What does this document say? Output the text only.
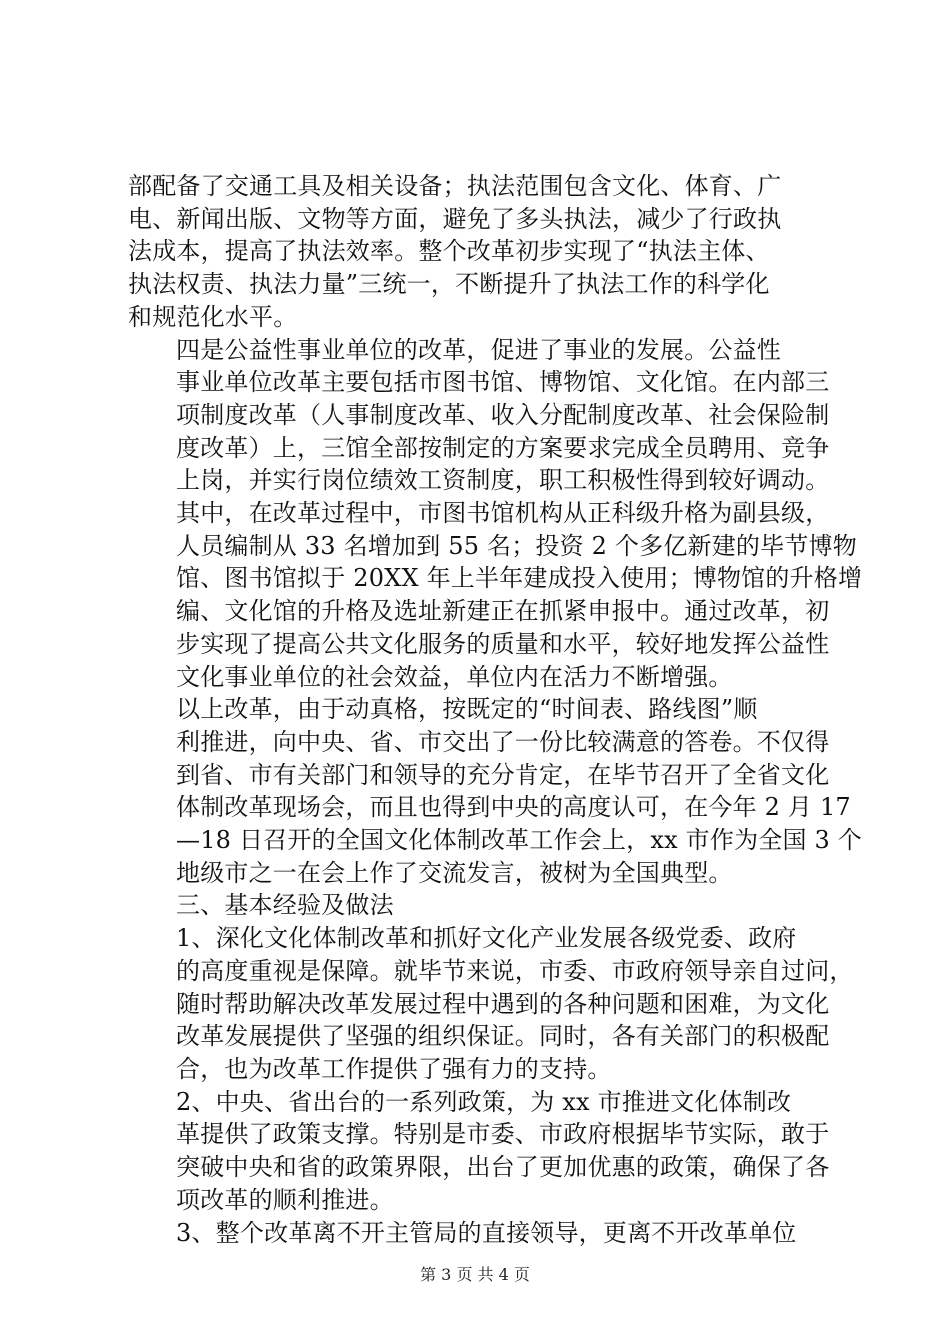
部配备了交通工具及相关设备；执法范围包含文化、体育、广
电、新闻出版、文物等方面，避免了多头执法，减少了行政执
法成本，提高了执法效率。整个改革初步实现了“执法主体、
执法权责、执法力量”三统一，不断提升了执法工作的科学化
和规范化水平。
四是公益性事业单位的改革，促进了事业的发展。公益性
事业单位改革主要包括市图书馆、博物馆、文化馆。在内部三
项制度改革（人事制度改革、收入分配制度改革、社会保险制
度改革）上，三馆全部按制定的方案要求完成全员聘用、竞争
上岗，并实行岗位绩效工资制度，职工积极性得到较好调动。
其中，在改革过程中，市图书馆机构从正科级升格为副县级，
人员编制从 33 名增加到 55 名；投资 2 个多亿新建的毕节博物
馆、图书馆拟于 20XX 年上半年建成投入使用；博物馆的升格增
编、文化馆的升格及选址新建正在抓紧申报中。通过改革，初
步实现了提高公共文化服务的质量和水平，较好地发挥公益性
文化事业单位的社会效益，单位内在活力不断增强。
以上改革，由于动真格，按既定的“时间表、路线图”顺
利推进，向中央、省、市交出了一份比较满意的答卷。不仅得
到省、市有关部门和领导的充分肯定，在毕节召开了全省文化
体制改革现场会，而且也得到中央的高度认可，在今年 2 月 17
—18 日召开的全国文化体制改革工作会上，xx 市作为全国 3 个
地级市之一在会上作了交流发言，被树为全国典型。
三、基本经验及做法
1、深化文化体制改革和抓好文化产业发展各级党委、政府
的高度重视是保障。就毕节来说，市委、市政府领导亲自过问，
随时帮助解决改革发展过程中遇到的各种问题和困难，为文化
改革发展提供了坚强的组织保证。同时，各有关部门的积极配
合，也为改革工作提供了强有力的支持。
2、中央、省出台的一系列政策，为 xx 市推进文化体制改
革提供了政策支撑。特别是市委、市政府根据毕节实际，敢于
突破中央和省的政策界限，出台了更加优惠的政策，确保了各
项改革的顺利推进。
3、整个改革离不开主管局的直接领导，更离不开改革单位
第 3 页 共 4 页
